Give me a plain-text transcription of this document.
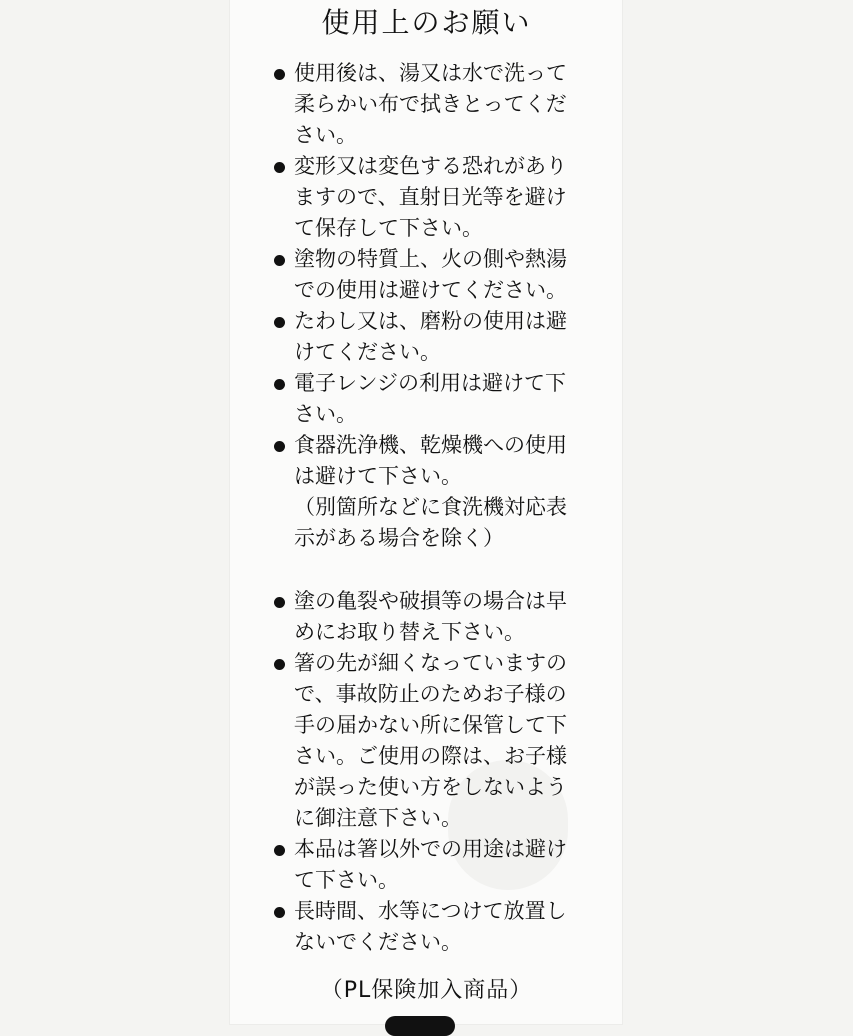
使用上のお願い
使用後は、湯又は水で洗って
柔らかい布で拭きとってくだ
さい。
変形又は変色する恐れがあり
ますので、直射日光等を避け
て保存して下さい。
塗物の特質上、火の側や熱湯
での使用は避けてください。
たわし又は、磨粉の使用は避
けてください。
電子レンジの利用は避けて下
さい。
食器洗浄機、乾燥機への使用
は避けて下さい。
（別箇所などに食洗機対応表
示がある場合を除く）
塗の亀裂や破損等の場合は早
めにお取り替え下さい。
箸の先が細くなっていますの
で、事故防止のためお子様の
手の届かない所に保管して下
さい。ご使用の際は、お子様
が誤った使い方をしないよう
に御注意下さい。
本品は箸以外での用途は避け
て下さい。
長時間、水等につけて放置し
ないでください。

（PL保険加入商品）
